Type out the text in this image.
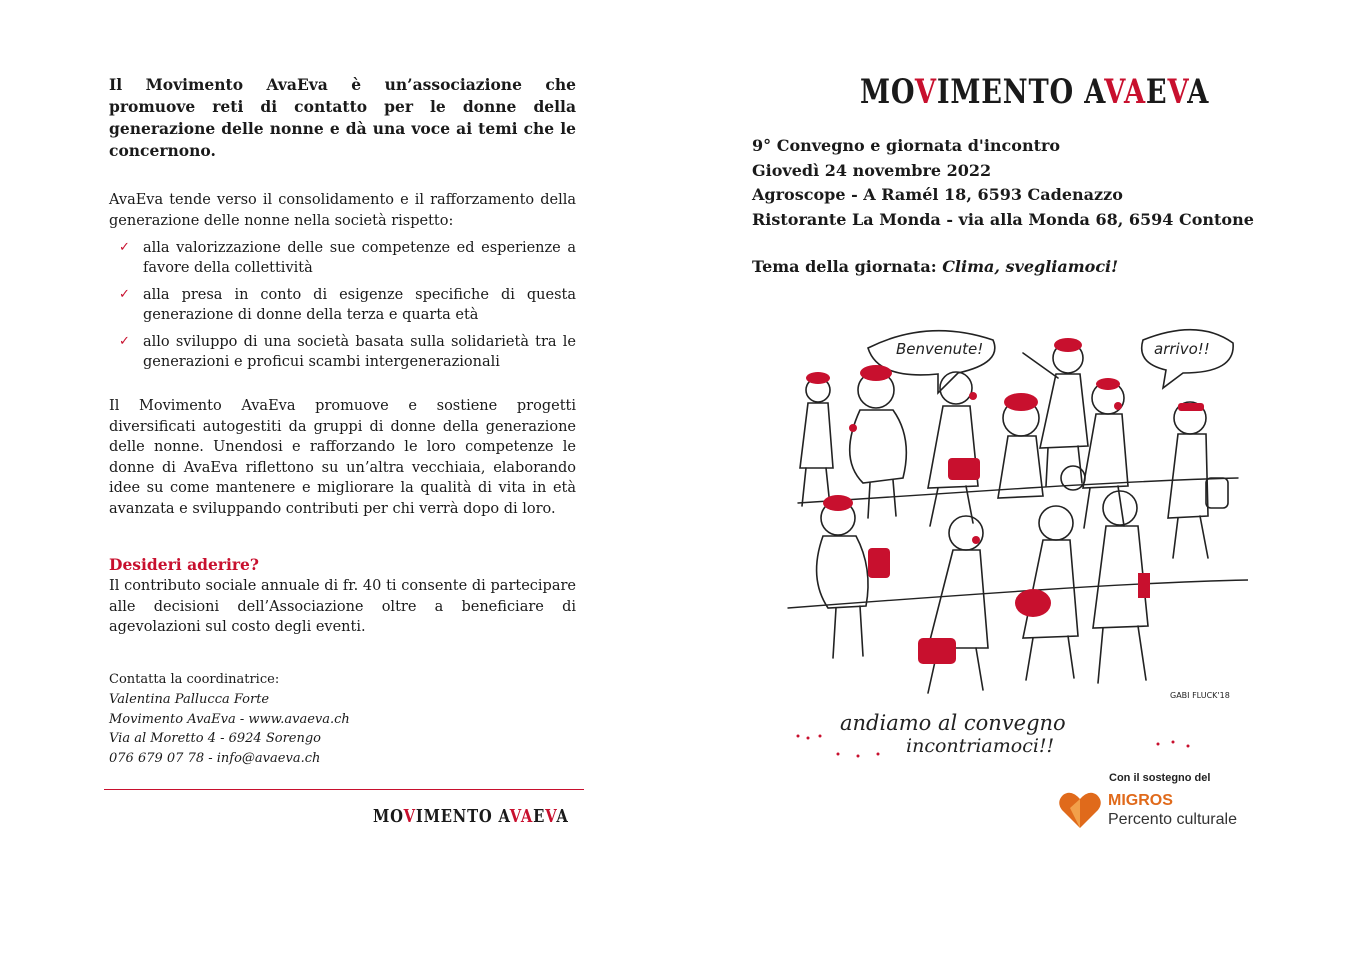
Il Movimento AvaEva è un’associazione che promuove reti di contatto per le donne della generazione delle nonne e dà una voce ai temi che le concernono.

AvaEva tende verso il consolidamento e il rafforzamento della generazione delle nonne nella società rispetto:

✓ alla valorizzazione delle sue competenze ed esperienze a favore della collettività
✓ alla presa in conto di esigenze specifiche di questa generazione di donne della terza e quarta età
✓ allo sviluppo di una società basata sulla solidarietà tra le generazioni e proficui scambi intergenerazionali

Il Movimento AvaEva promuove e sostiene progetti diversificati autogestiti da gruppi di donne della generazione delle nonne. Unendosi e rafforzando le loro competenze le donne di AvaEva riflettono su un’altra vecchiaia, elaborando idee su come mantenere e migliorare la qualità di vita in età avanzata e sviluppando contributi per chi verrà dopo di loro.

Desideri aderire?

Il contributo sociale annuale di fr. 40 ti consente di partecipare alle decisioni dell’Associazione oltre a beneficiare di agevolazioni sul costo degli eventi.

Contatta la coordinatrice:
Valentina Pallucca Forte
Movimento AvaEva - www.avaeva.ch
Via al Moretto 4 - 6924 Sorengo
076 679 07 78 - info@avaeva.ch
MOVIMENTO AVAEVA
MOVIMENTO AVAEVA
9° Convegno e giornata d'incontro
Giovedì 24 novembre 2022
Agroscope - A Ramél 18, 6593 Cadenazzo
Ristorante La Monda - via alla Monda 68, 6594 Contone
Tema della giornata: Clima, svegliamoci!
Benvenute!	arrivo!!
GABI FLUCK'18
andiamo al convegno
incontriamoci!!
Con il sostegno del
MIGROS
Percento culturale
